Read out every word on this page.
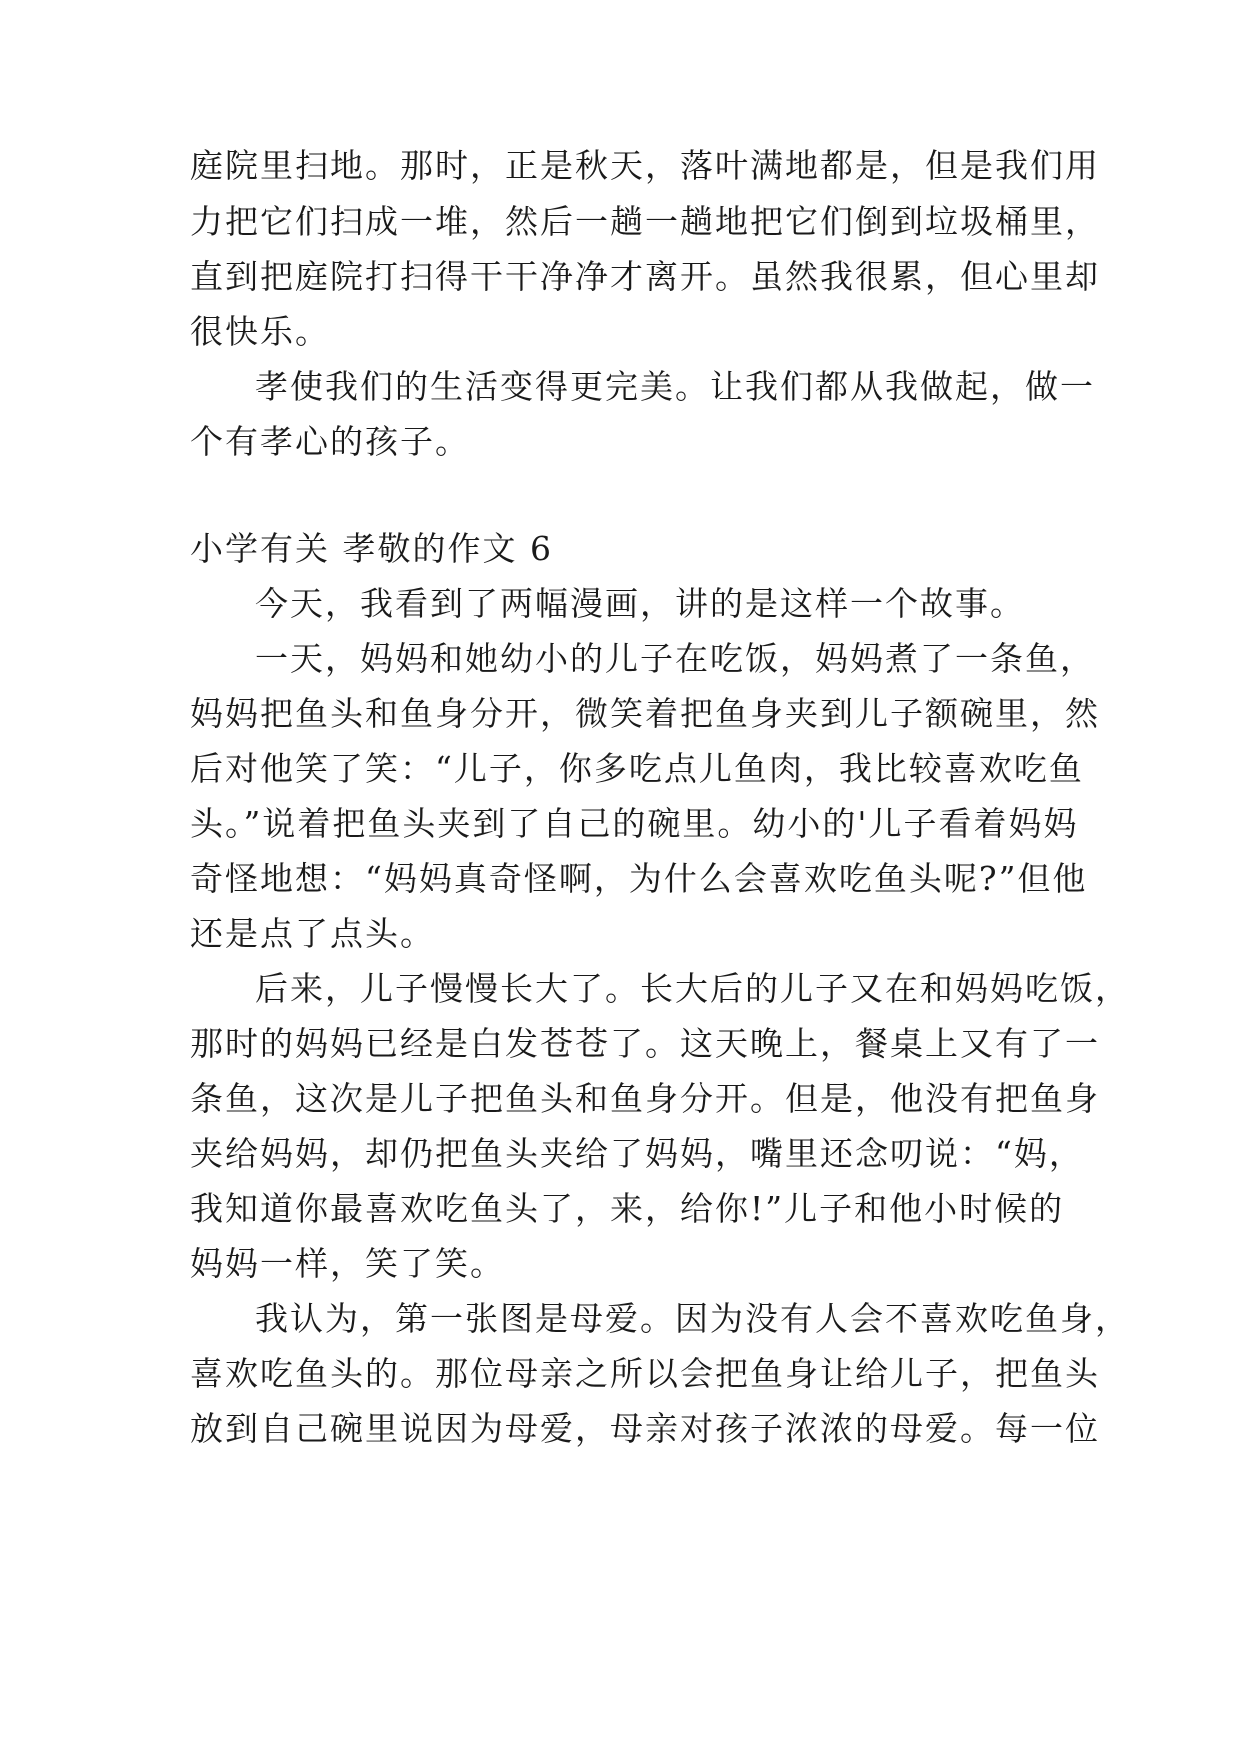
庭院里扫地。那时，正是秋天，落叶满地都是，但是我们用
力把它们扫成一堆，然后一趟一趟地把它们倒到垃圾桶里，
直到把庭院打扫得干干净净才离开。虽然我很累，但心里却
很快乐。
孝使我们的生活变得更完美。让我们都从我做起，做一
个有孝心的孩子。
小学有关 孝敬的作文 6
今天，我看到了两幅漫画，讲的是这样一个故事。
一天，妈妈和她幼小的儿子在吃饭，妈妈煮了一条鱼，
妈妈把鱼头和鱼身分开，微笑着把鱼身夹到儿子额碗里，然
后对他笑了笑：“儿子，你多吃点儿鱼肉，我比较喜欢吃鱼
头。”说着把鱼头夹到了自己的碗里。幼小的'儿子看着妈妈
奇怪地想：“妈妈真奇怪啊，为什么会喜欢吃鱼头呢?”但他
还是点了点头。
后来，儿子慢慢长大了。长大后的儿子又在和妈妈吃饭，
那时的妈妈已经是白发苍苍了。这天晚上，餐桌上又有了一
条鱼，这次是儿子把鱼头和鱼身分开。但是，他没有把鱼身
夹给妈妈，却仍把鱼头夹给了妈妈，嘴里还念叨说：“妈，
我知道你最喜欢吃鱼头了，来，给你!”儿子和他小时候的
妈妈一样，笑了笑。
我认为，第一张图是母爱。因为没有人会不喜欢吃鱼身，
喜欢吃鱼头的。那位母亲之所以会把鱼身让给儿子，把鱼头
放到自己碗里说因为母爱，母亲对孩子浓浓的母爱。每一位
